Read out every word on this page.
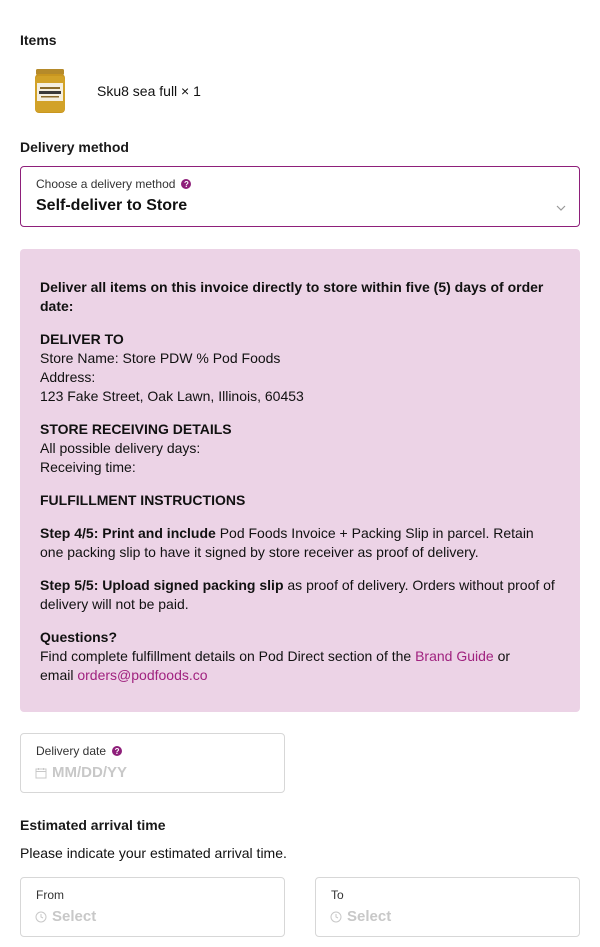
Items
Sku8 sea full × 1
Delivery method
Choose a delivery method	?
Self-deliver to Store

Deliver all items on this invoice directly to store within five (5) days of order date:

DELIVER TO

Store Name: Store PDW % Pod Foods

Address:

123 Fake Street, Oak Lawn, Illinois, 60453

STORE RECEIVING DETAILS

All possible delivery days:

Receiving time:

FULFILLMENT INSTRUCTIONS

Step 4/5: Print and include Pod Foods Invoice + Packing Slip in parcel. Retain one packing slip to have it signed by store receiver as proof of delivery.

Step 5/5: Upload signed packing slip as proof of delivery. Orders without proof of delivery will not be paid.

Questions?

Find complete fulfillment details on Pod Direct section of the Brand Guide or
email orders@podfoods.co

Delivery date	?
MM/DD/YY
Estimated arrival time
Please indicate your estimated arrival time.
From
Select
To
Select
